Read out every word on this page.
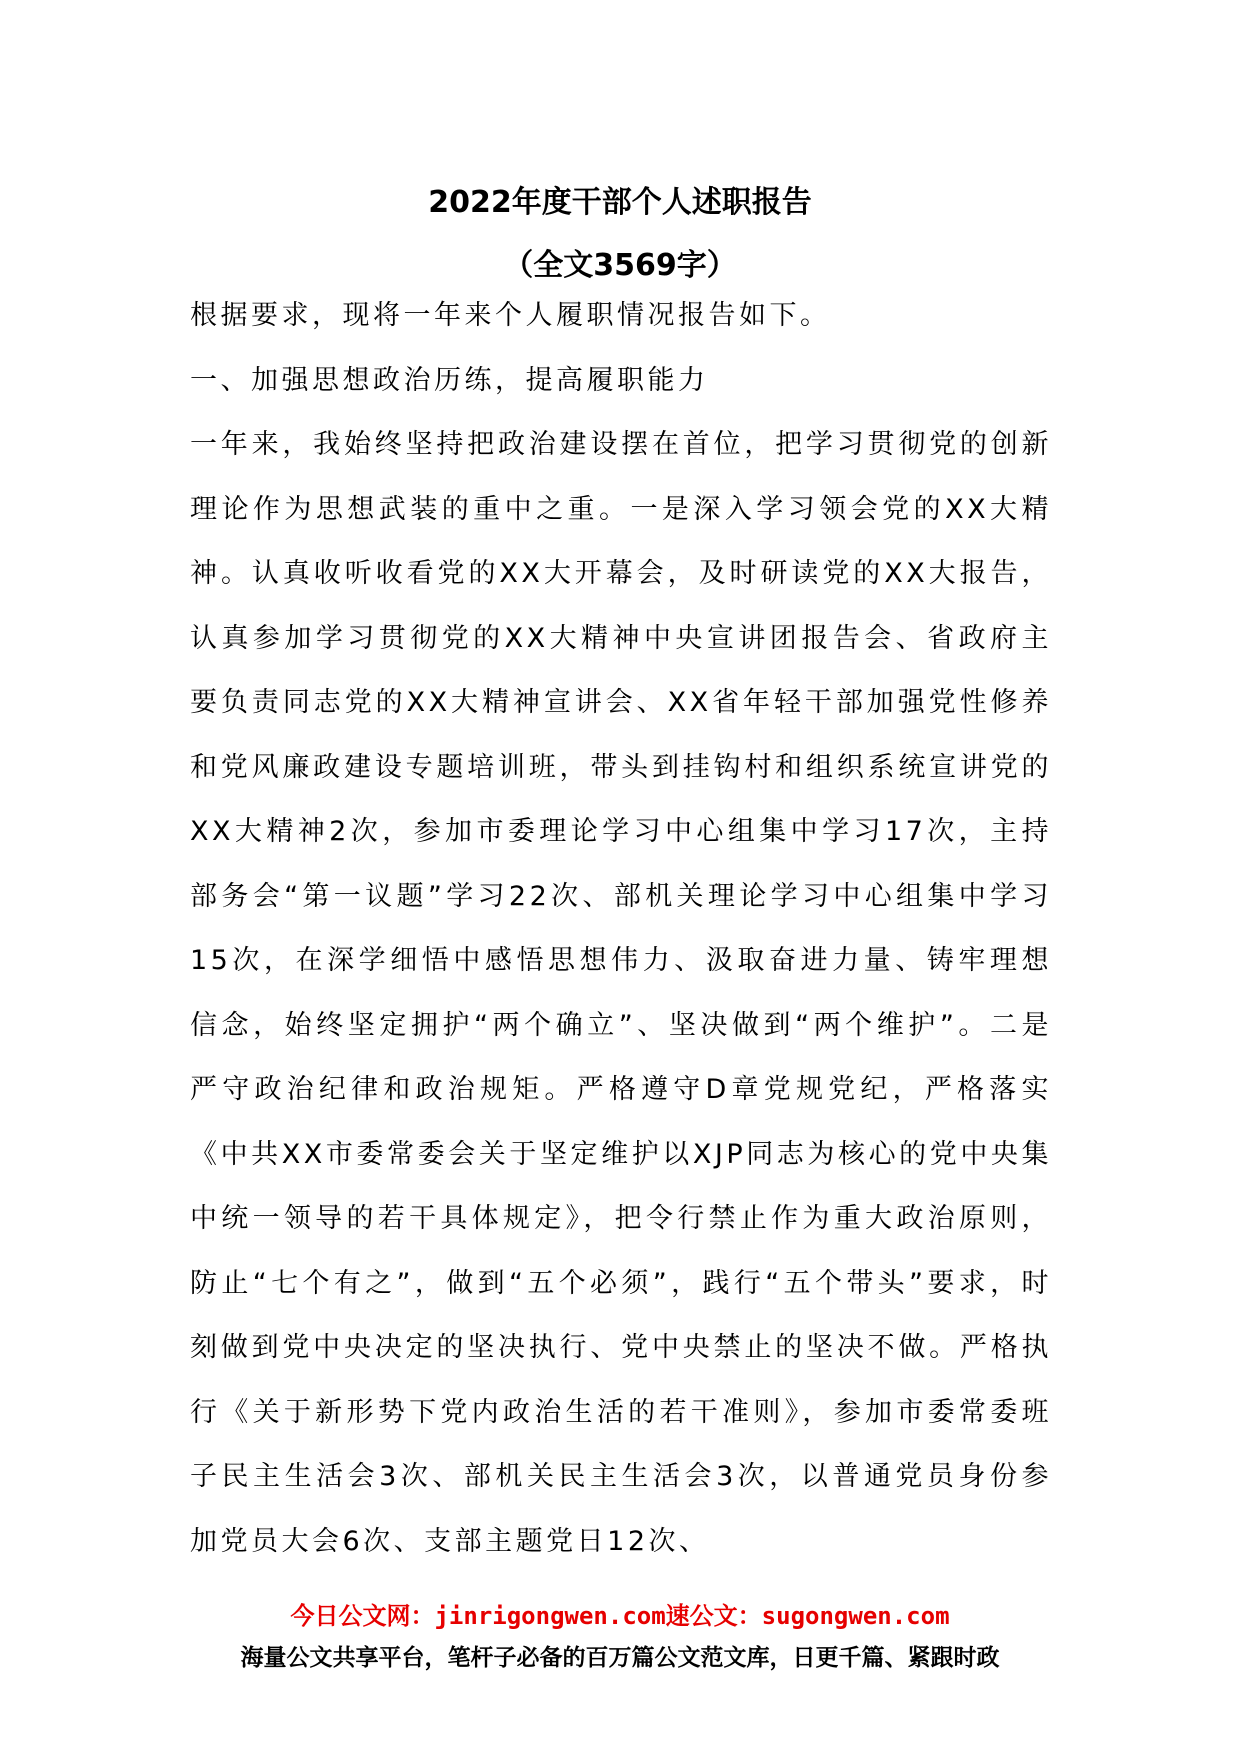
2022年度干部个人述职报告
（全文3569字）

根据要求，现将一年来个人履职情况报告如下。

一、加强思想政治历练，提高履职能力

一年来，我始终坚持把政治建设摆在首位，把学习贯彻党的创新理论作为思想武装的重中之重。一是深入学习领会党的XX大精神。认真收听收看党的XX大开幕会，及时研读党的XX大报告，认真参加学习贯彻党的XX大精神中央宣讲团报告会、省政府主要负责同志党的XX大精神宣讲会、XX省年轻干部加强党性修养和党风廉政建设专题培训班，带头到挂钩村和组织系统宣讲党的XX大精神2次，参加市委理论学习中心组集中学习17次，主持部务会“第一议题”学习22次、部机关理论学习中心组集中学习15次，在深学细悟中感悟思想伟力、汲取奋进力量、铸牢理想信念，始终坚定拥护“两个确立”、坚决做到“两个维护”。二是严守政治纪律和政治规矩。严格遵守D章党规党纪，严格落实《中共XX市委常委会关于坚定维护以XJP同志为核心的党中央集中统一领导的若干具体规定》，把令行禁止作为重大政治原则，防止“七个有之”，做到“五个必须”，践行“五个带头”要求，时刻做到党中央决定的坚决执行、党中央禁止的坚决不做。严格执行《关于新形势下党内政治生活的若干准则》，参加市委常委班子民主生活会3次、部机关民主生活会3次，以普通党员身份参加党员大会6次、支部主题党日12次、

今日公文网：jinrigongwen.com速公文：sugongwen.com
海量公文共享平台，笔杆子必备的百万篇公文范文库，日更千篇、紧跟时政
